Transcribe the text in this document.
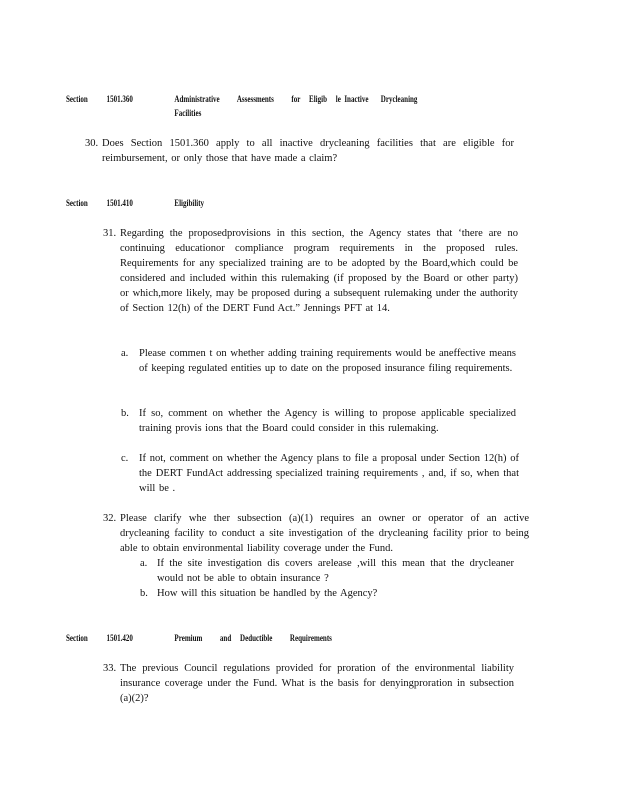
Section 1501.360	Administrative          Assessments          for     Eligib     le  Inactive       Drycleaning
Facilities
30. Does Section 1501.360 apply to all inactive drycleaning facilities that are eligible for reimbursement, or only those that have made a claim?
Section 1501.410	Eligibility
31. Regarding the proposedprovisions in this section, the Agency states that ‘there are no continuing educationor compliance program requirements in the proposed rules. Requirements for any specialized training are to be adopted by the Board,which could be considered and included within this rulemaking (if proposed by the Board or other party) or which,more likely, may be proposed during a subsequent rulemaking under the authority of Section 12(h) of the DERT Fund Act.” Jennings PFT at 14.
a. Please commen t on whether adding training requirements would be aneffective means of keeping regulated entities up to date on the proposed insurance filing requirements.
b. If so, comment on whether the Agency is willing to propose applicable specialized training provis ions that the Board could consider in this rulemaking.
c. If not, comment on whether the Agency plans to file a proposal under Section 12(h) of the DERT FundAct addressing specialized training requirements , and, if so, when that will be .
32. Please clarify whe ther subsection (a)(1) requires an owner or operator of an active drycleaning facility to conduct a site investigation of the drycleaning facility prior to being able to obtain environmental liability coverage under the Fund.
a. If the site investigation dis covers arelease ,will this mean that the drycleaner would not be able to obtain insurance ?
b. How will this situation be handled by the Agency?
Section 1501.420	Premium          and     Deductible          Requirements
33. The previous Council regulations provided for proration of the environmental liability insurance coverage under the Fund. What is the basis for denyingproration in subsection (a)(2)?
